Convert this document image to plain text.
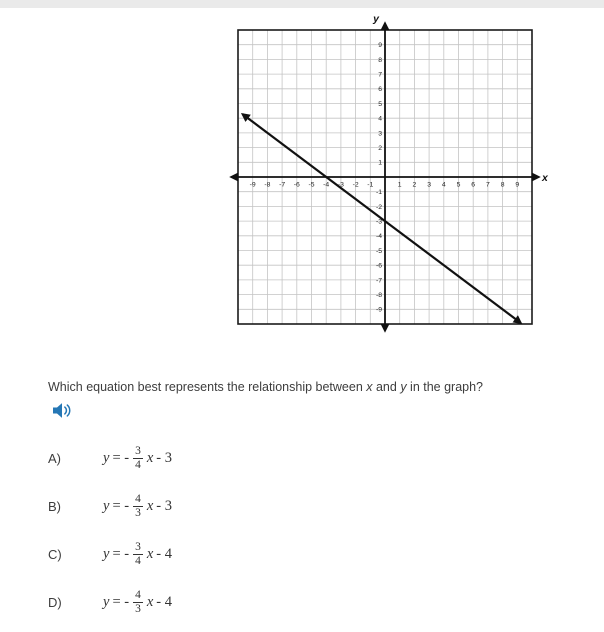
-9 -8 -7 -6 -5 -4 -3 -2 -1	1 2 3 4 5 6 7 8 9
9
8
7
6
5
4
3
2
1
-1
-2
-3
-4
-5
-6
-7
-8
-9
y
x
Which equation best represents the relationship between x and y in the graph?
A)	y = - $\frac{3}{4}$ x - 3
B)	y = - $\frac{4}{3}$ x - 3
C)	y = - $\frac{3}{4}$ x - 4
D)	y = - $\frac{4}{3}$ x - 4
